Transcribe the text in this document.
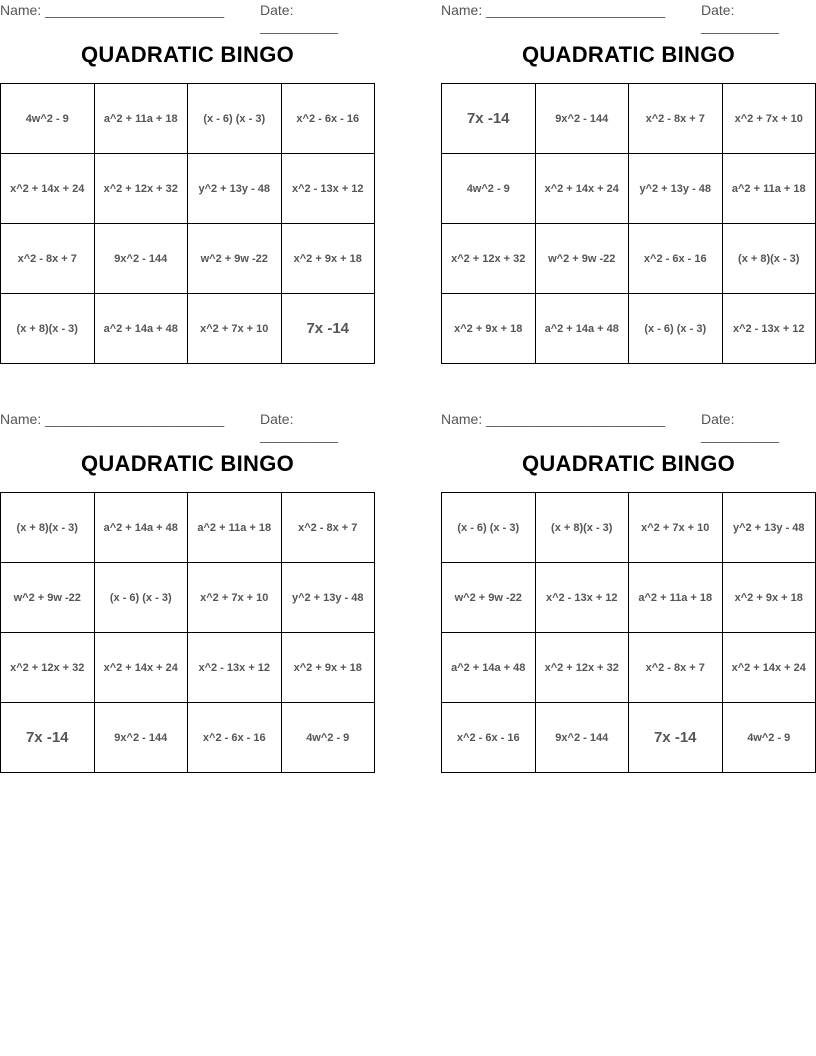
Name: _______________________	Date: __________
QUADRATIC BINGO
4w^2 - 9	a^2 + 11a + 18	(x - 6) (x - 3)	x^2 - 6x - 16
x^2 + 14x + 24	x^2 + 12x + 32	y^2 + 13y - 48	x^2 - 13x + 12
x^2 - 8x + 7	9x^2 - 144	w^2 + 9w -22	x^2 + 9x + 18
(x + 8)(x - 3)	a^2 + 14a + 48	x^2 + 7x + 10	7x -14
Name: _______________________	Date: __________
QUADRATIC BINGO
7x -14	9x^2 - 144	x^2 - 8x + 7	x^2 + 7x + 10
4w^2 - 9	x^2 + 14x + 24	y^2 + 13y - 48	a^2 + 11a + 18
x^2 + 12x + 32	w^2 + 9w -22	x^2 - 6x - 16	(x + 8)(x - 3)
x^2 + 9x + 18	a^2 + 14a + 48	(x - 6) (x - 3)	x^2 - 13x + 12
Name: _______________________	Date: __________
QUADRATIC BINGO
(x + 8)(x - 3)	a^2 + 14a + 48	a^2 + 11a + 18	x^2 - 8x + 7
w^2 + 9w -22	(x - 6) (x - 3)	x^2 + 7x + 10	y^2 + 13y - 48
x^2 + 12x + 32	x^2 + 14x + 24	x^2 - 13x + 12	x^2 + 9x + 18
7x -14	9x^2 - 144	x^2 - 6x - 16	4w^2 - 9
Name: _______________________	Date: __________
QUADRATIC BINGO
(x - 6) (x - 3)	(x + 8)(x - 3)	x^2 + 7x + 10	y^2 + 13y - 48
w^2 + 9w -22	x^2 - 13x + 12	a^2 + 11a + 18	x^2 + 9x + 18
a^2 + 14a + 48	x^2 + 12x + 32	x^2 - 8x + 7	x^2 + 14x + 24
x^2 - 6x - 16	9x^2 - 144	7x -14	4w^2 - 9
